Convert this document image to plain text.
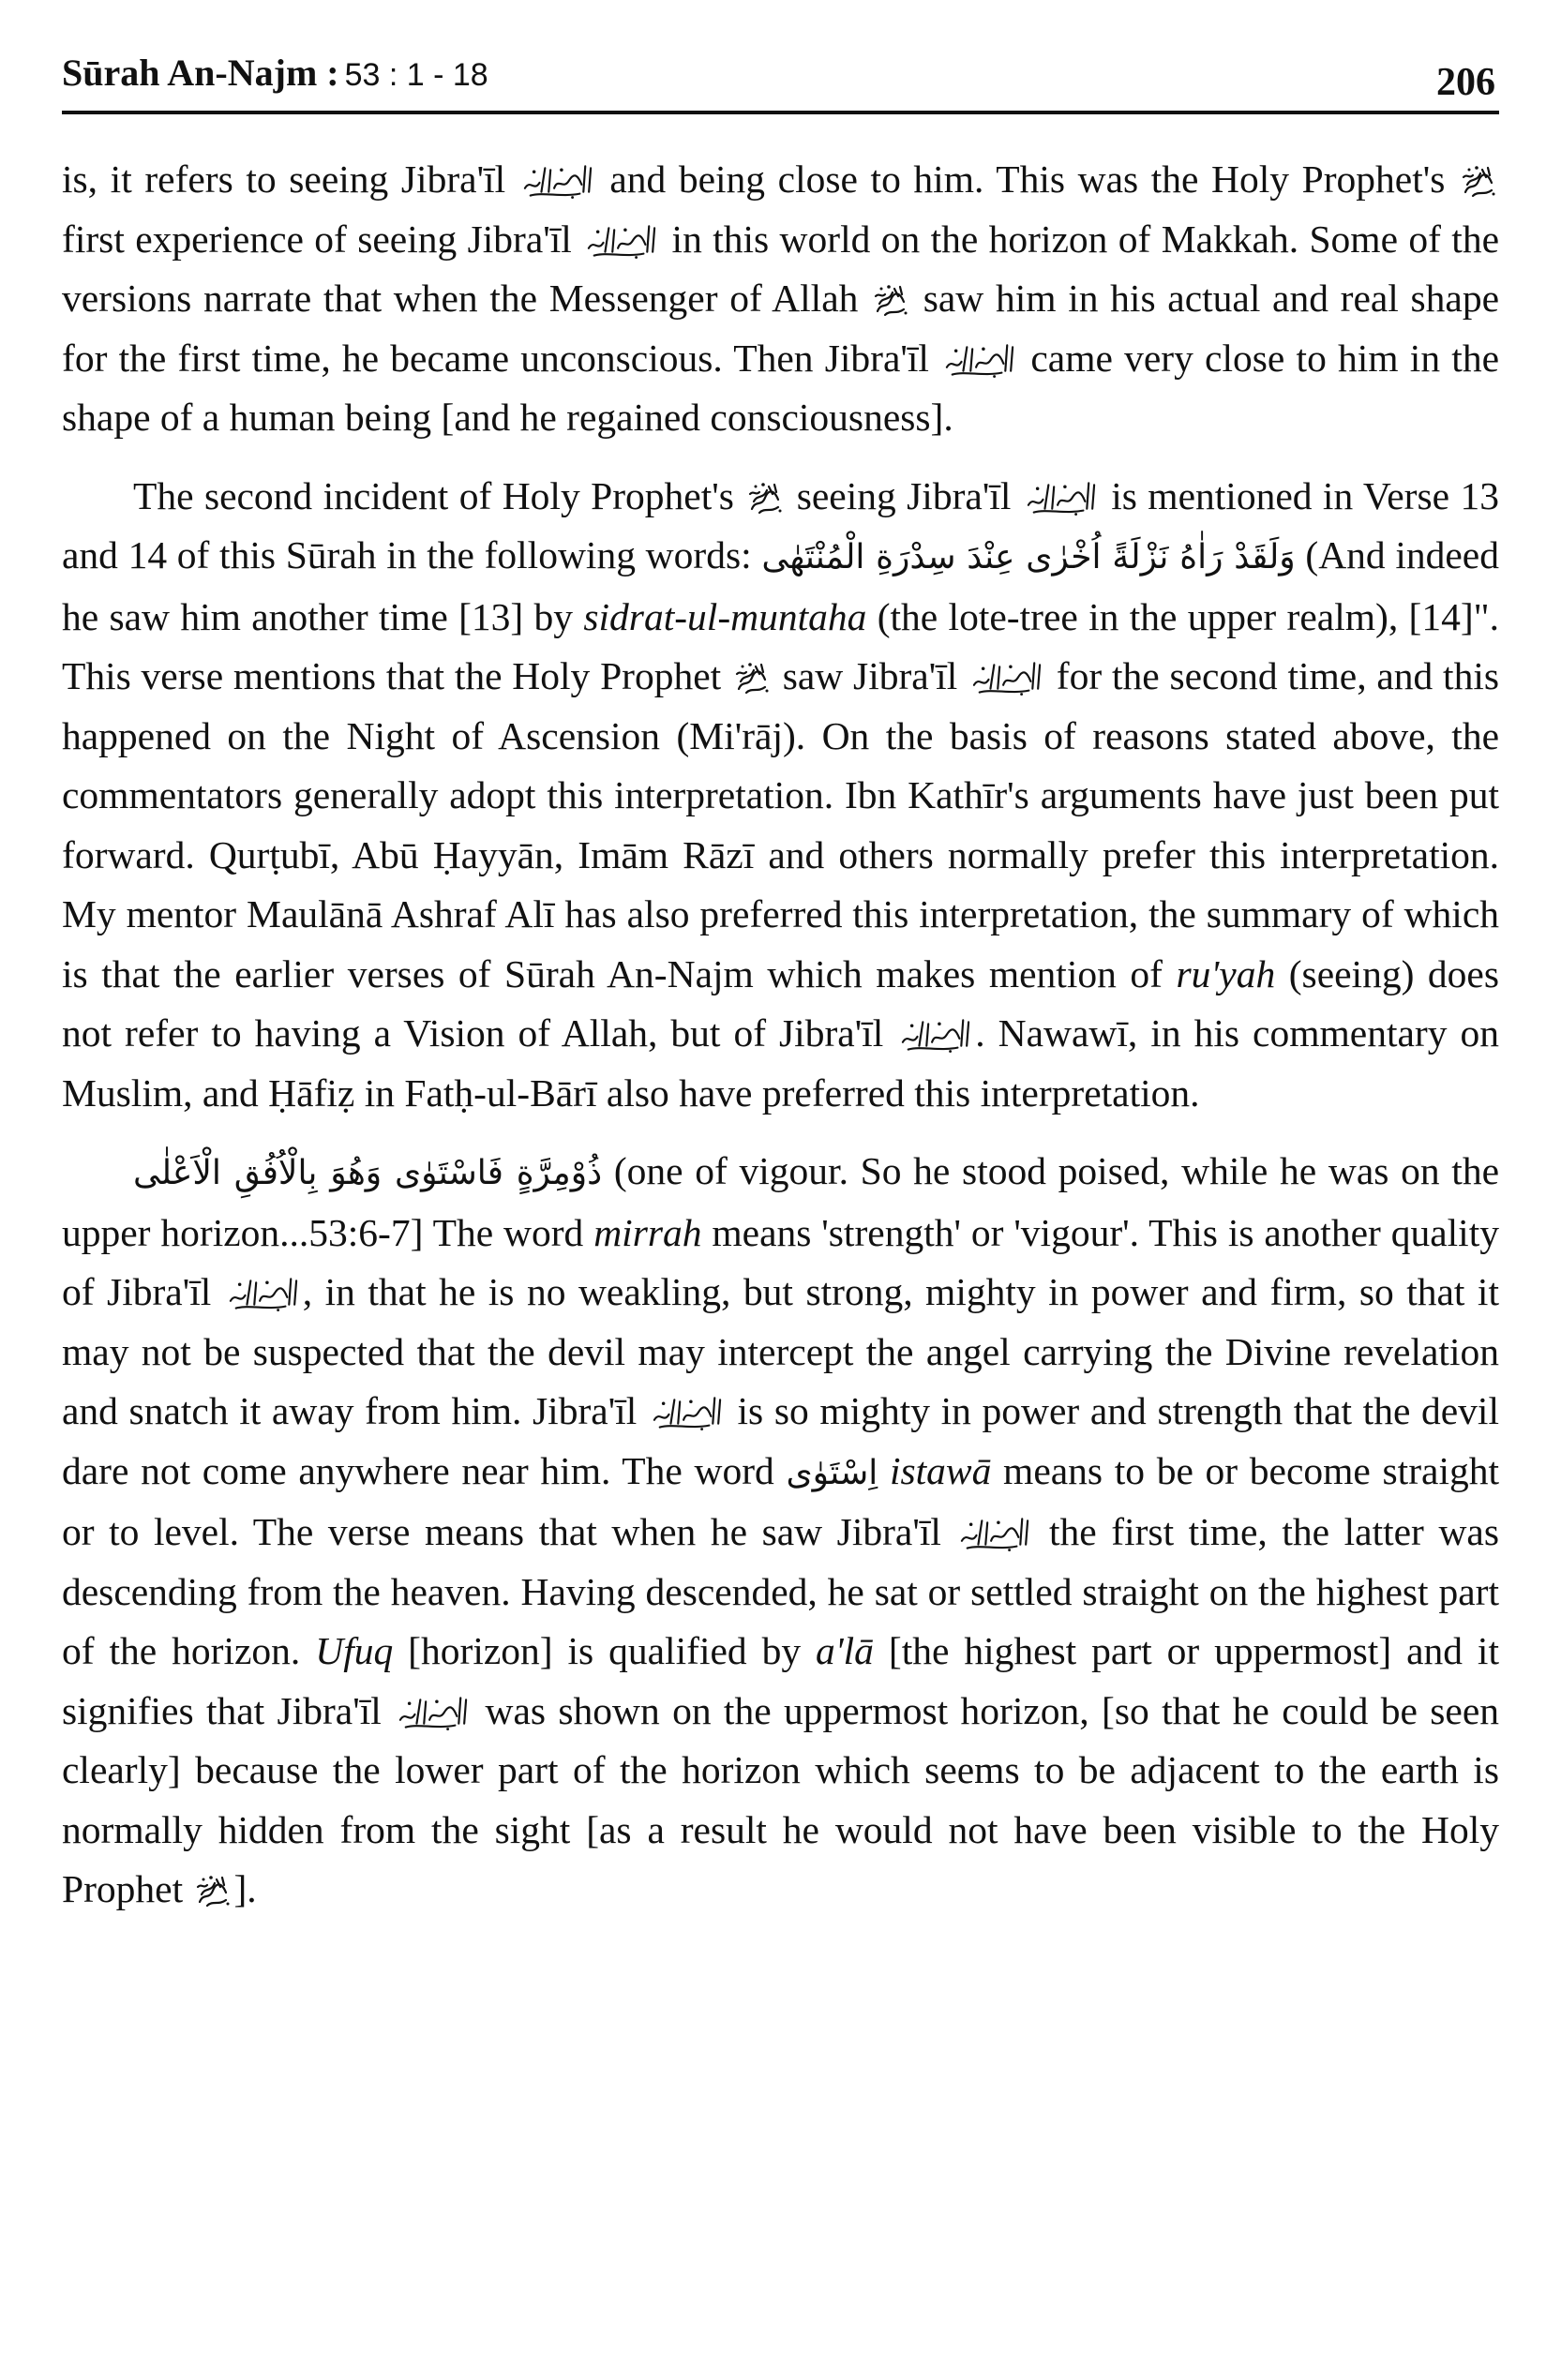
Sūrah An-Najm : 53 : 1 - 18	206

is, it refers to seeing Jibra'īl  and being close to him. This was the Holy Prophet's  first experience of seeing Jibra'īl  in this world on the horizon of Makkah. Some of the versions narrate that when the Messenger of Allah  saw him in his actual and real shape for the first time, he became unconscious. Then Jibra'īl  came very close to him in the shape of a human being [and he regained consciousness].

The second incident of Holy Prophet's  seeing Jibra'īl  is mentioned in Verse 13 and 14 of this Sūrah in the following words: وَلَقَدْ رَاٰهُ نَزْلَةً اُخْرٰى عِنْدَ سِدْرَةِ الْمُنْتَهٰى (And indeed he saw him another time [13] by sidrat-ul-muntaha (the lote-tree in the upper realm), [14]". This verse mentions that the Holy Prophet  saw Jibra'īl  for the second time, and this happened on the Night of Ascension (Mi'rāj). On the basis of reasons stated above, the commentators generally adopt this interpretation. Ibn Kathīr's arguments have just been put forward. Qurṭubī, Abū Ḥayyān, Imām Rāzī and others normally prefer this interpretation. My mentor Maulānā Ashraf Alī has also preferred this interpretation, the summary of which is that the earlier verses of Sūrah An-Najm which makes mention of ru'yah (seeing) does not refer to having a Vision of Allah, but of Jibra'īl . Nawawī, in his commentary on Muslim, and Ḥāfiẓ in Fatḥ-ul-Bārī also have preferred this interpretation.

ذُوْمِرَّةٍ فَاسْتَوٰى وَهُوَ بِالْاُفُقِ الْاَعْلٰى (one of vigour. So he stood poised, while he was on the upper horizon...53:6-7] The word mirrah means 'strength' or 'vigour'. This is another quality of Jibra'īl , in that he is no weakling, but strong, mighty in power and firm, so that it may not be suspected that the devil may intercept the angel carrying the Divine revelation and snatch it away from him. Jibra'īl  is so mighty in power and strength that the devil dare not come anywhere near him. The word اِسْتَوٰى istawā means to be or become straight or to level. The verse means that when he saw Jibra'īl  the first time, the latter was descending from the heaven. Having descended, he sat or settled straight on the highest part of the horizon. Ufuq [horizon] is qualified by a'lā [the highest part or uppermost] and it signifies that Jibra'īl  was shown on the uppermost horizon, [so that he could be seen clearly] because the lower part of the horizon which seems to be adjacent to the earth is normally hidden from the sight [as a result he would not have been visible to the Holy Prophet ].
